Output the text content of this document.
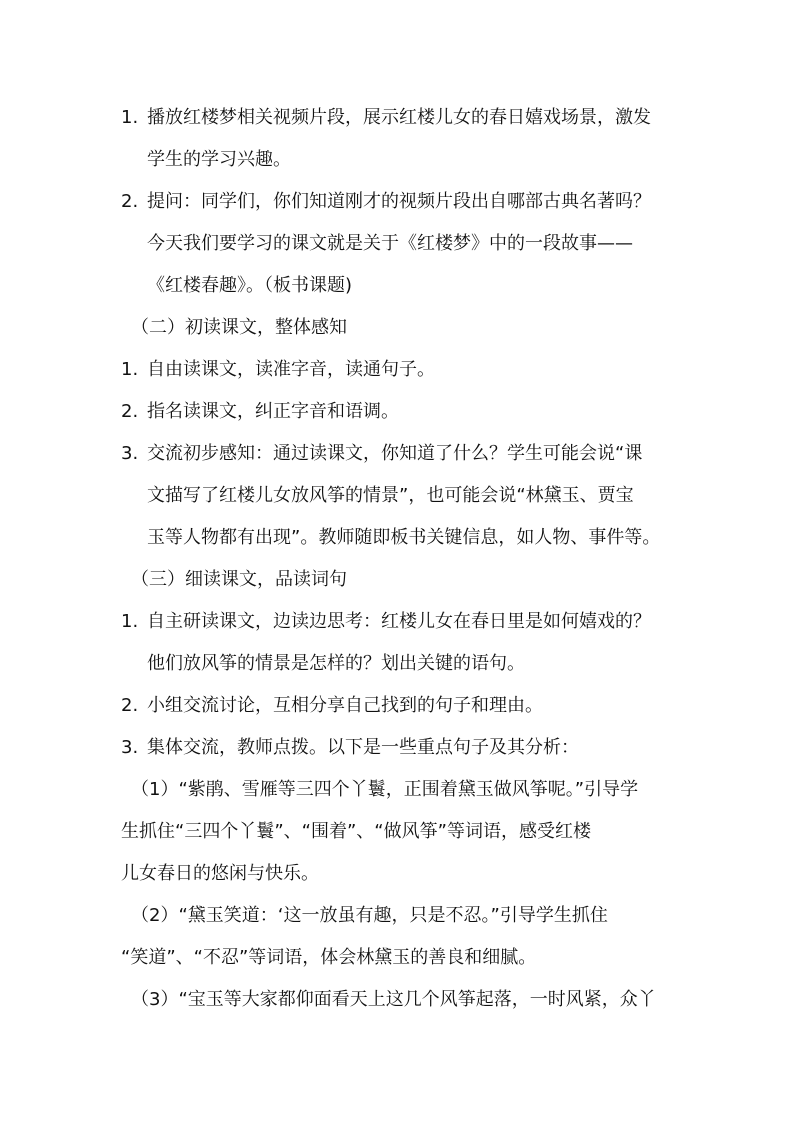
1. 播放红楼梦相关视频片段，展示红楼儿女的春日嬉戏场景，激发
学生的学习兴趣。
2. 提问：同学们，你们知道刚才的视频片段出自哪部古典名著吗？
今天我们要学习的课文就是关于《红楼梦》中的一段故事——
《红楼春趣》。（板书课题)
（二）初读课文，整体感知
1. 自由读课文，读准字音，读通句子。
2. 指名读课文，纠正字音和语调。
3. 交流初步感知：通过读课文，你知道了什么？学生可能会说“课
文描写了红楼儿女放风筝的情景”，也可能会说“林黛玉、贾宝
玉等人物都有出现”。教师随即板书关键信息，如人物、事件等。
（三）细读课文，品读词句
1. 自主研读课文，边读边思考：红楼儿女在春日里是如何嬉戏的？
他们放风筝的情景是怎样的？划出关键的语句。
2. 小组交流讨论，互相分享自己找到的句子和理由。
3. 集体交流，教师点拨。以下是一些重点句子及其分析：
（1）“紫鹃、雪雁等三四个丫鬟，正围着黛玉做风筝呢。”引导学
生抓住“三四个丫鬟”、“围着”、“做风筝”等词语，感受红楼
儿女春日的悠闲与快乐。
（2）“黛玉笑道：‘这一放虽有趣，只是不忍。”引导学生抓住
“笑道”、“不忍”等词语，体会林黛玉的善良和细腻。
（3）“宝玉等大家都仰面看天上这几个风筝起落，一时风紧，众丫
